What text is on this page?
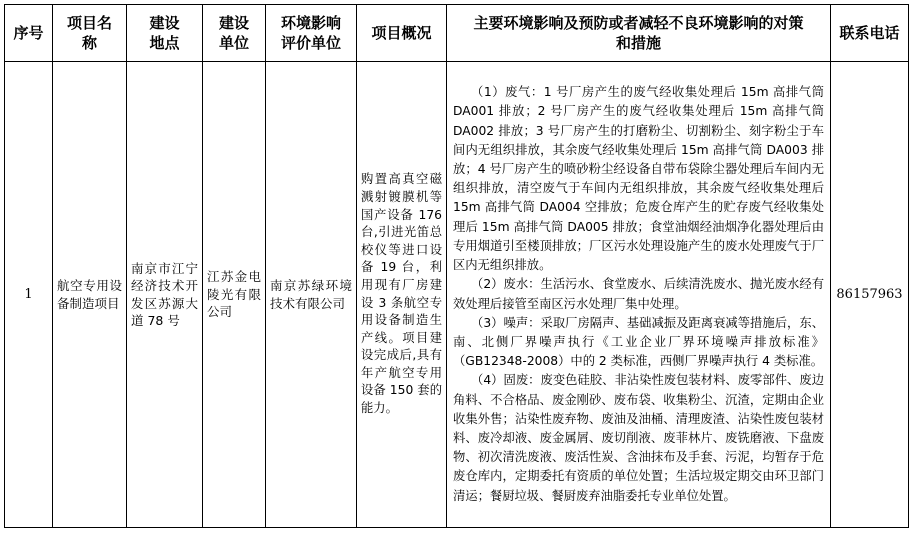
序号	项目名称	建设地点	建设单位	环境影响评价单位	项目概况	主要环境影响及预防或者减轻不良环境影响的对策和措施	联系电话
1	航空专用设备制造项目	南京市江宁经济技术开发区苏源大道 78 号	江苏金电陵光有限公司	南京苏绿环境技术有限公司	购置高真空磁溅射镀膜机等国产设备 176 台,引进光笛总校仪等进口设备 19 台，利用现有厂房建设 3 条航空专用设备制造生产线。项目建设完成后,具有年产航空专用设备 150 套的能力。	（1）废气：1 号厂房产生的废气经收集处理后 15m 高排气筒 DA001 排放；2 号厂房产生的废气经收集处理后 15m 高排气筒 DA002 排放；3 号厂房产生的打磨粉尘、切割粉尘、刻字粉尘于车间内无组织排放，其余废气经收集处理后 15m 高排气筒 DA003 排放；4 号厂房产生的喷砂粉尘经设备自带布袋除尘器处理后车间内无组织排放，清空废气于车间内无组织排放，其余废气经收集处理后 15m 高排气筒 DA004 空排放；危废仓库产生的贮存废气经收集处理后 15m 高排气筒 DA005 排放；食堂油烟经油烟净化器处理后由专用烟道引至楼顶排放；厂区污水处理设施产生的废水处理废气于厂区内无组织排放。

（2）废水：生活污水、食堂废水、后续清洗废水、抛光废水经有效处理后接管至南区污水处理厂集中处理。

（3）噪声：采取厂房隔声、基础减振及距离衰减等措施后，东、南、北侧厂界噪声执行《工业企业厂界环境噪声排放标准》（GB12348-2008）中的 2 类标准，西侧厂界噪声执行 4 类标准。

（4）固废：废变色硅胶、非沾染性废包装材料、废零部件、废边角料、不合格品、废金刚砂、废布袋、收集粉尘、沉渣，定期由企业收集外售；沾染性废弃物、废油及油桶、清理废渣、沾染性废包装材料、废冷却液、废金属屑、废切削液、废菲林片、废铣磨液、下盘废物、初次清洗废液、废活性炭、含油抹布及手套、污泥，均暂存于危废仓库内，定期委托有资质的单位处置；生活垃圾定期交由环卫部门清运；餐厨垃圾、餐厨废弃油脂委托专业单位处置。	86157963
